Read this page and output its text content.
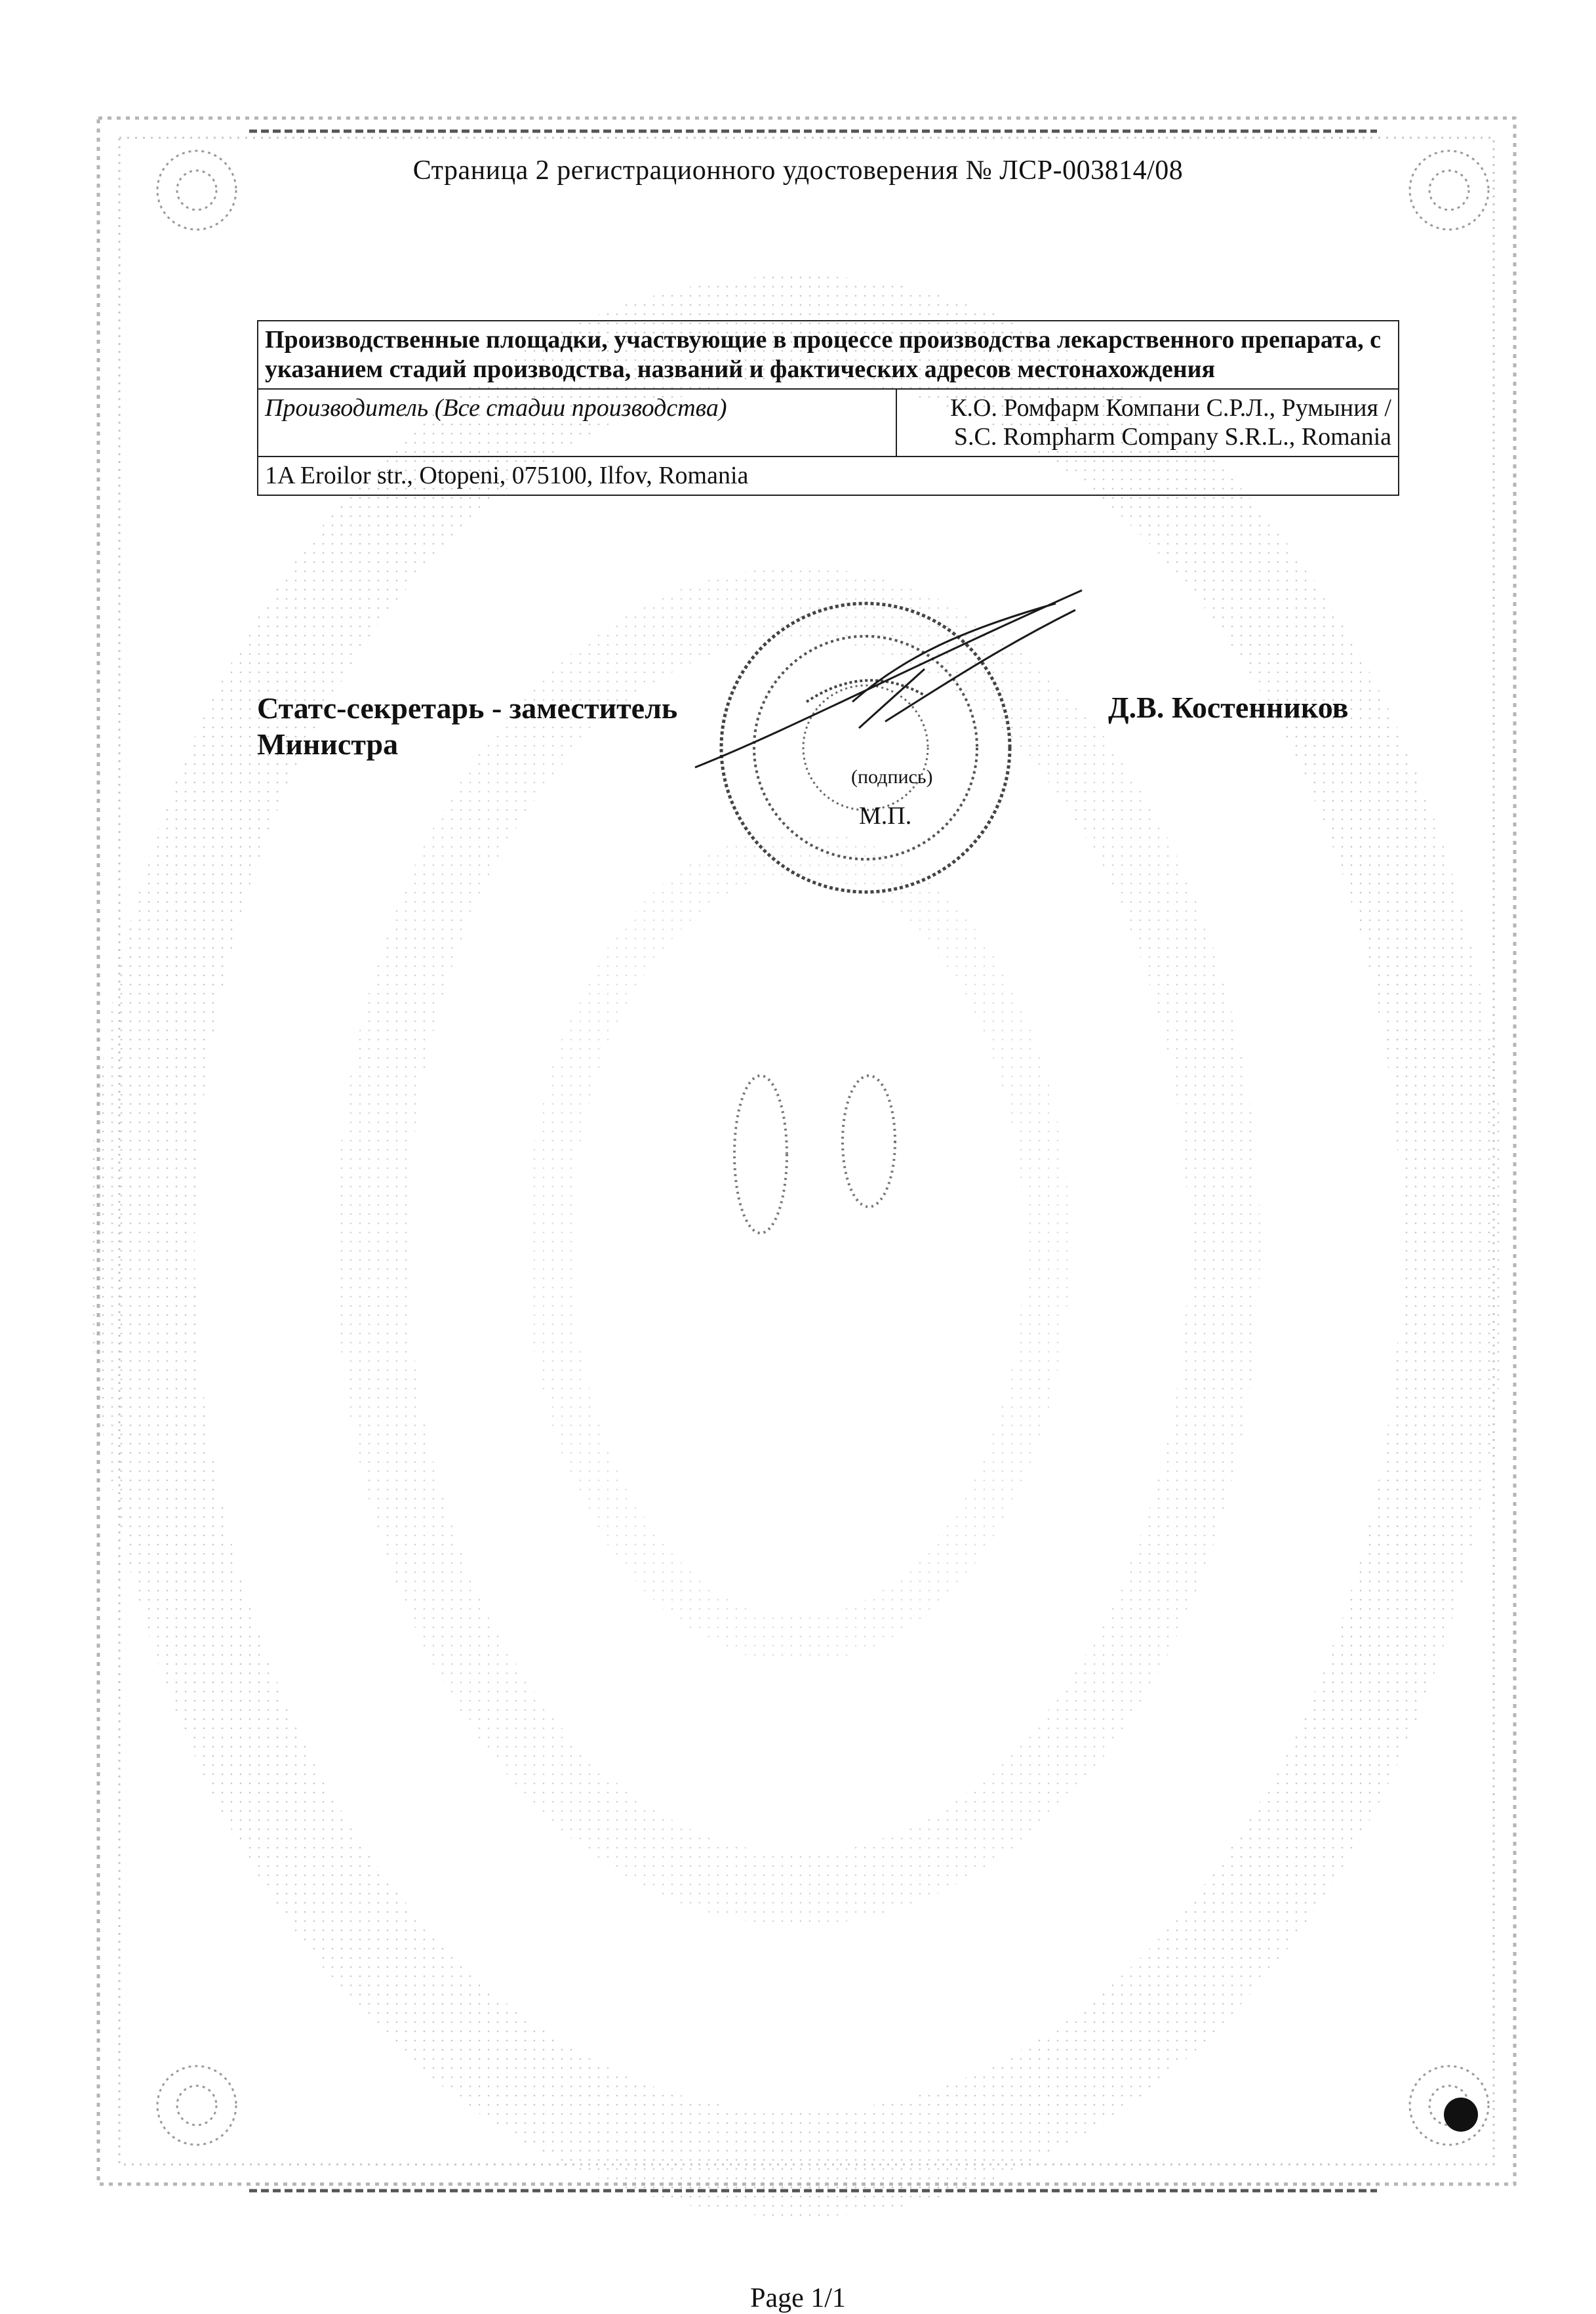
Страница 2 регистрационного удостоверения № ЛСР-003814/08
Производственные площадки, участвующие в процессе производства лекарственного препарата, с указанием стадий производства, названий и фактических адресов местонахождения
Производитель (Все стадии производства)	К.О. Ромфарм Компани С.Р.Л., Румыния /
S.C. Rompharm Company S.R.L., Romania

1A Eroilor str., Otopeni, 075100, Ilfov, Romania
Статс-секретарь - заместитель
Министра
Д.В. Костенников
(подпись)
М.П.
Page 1/1
